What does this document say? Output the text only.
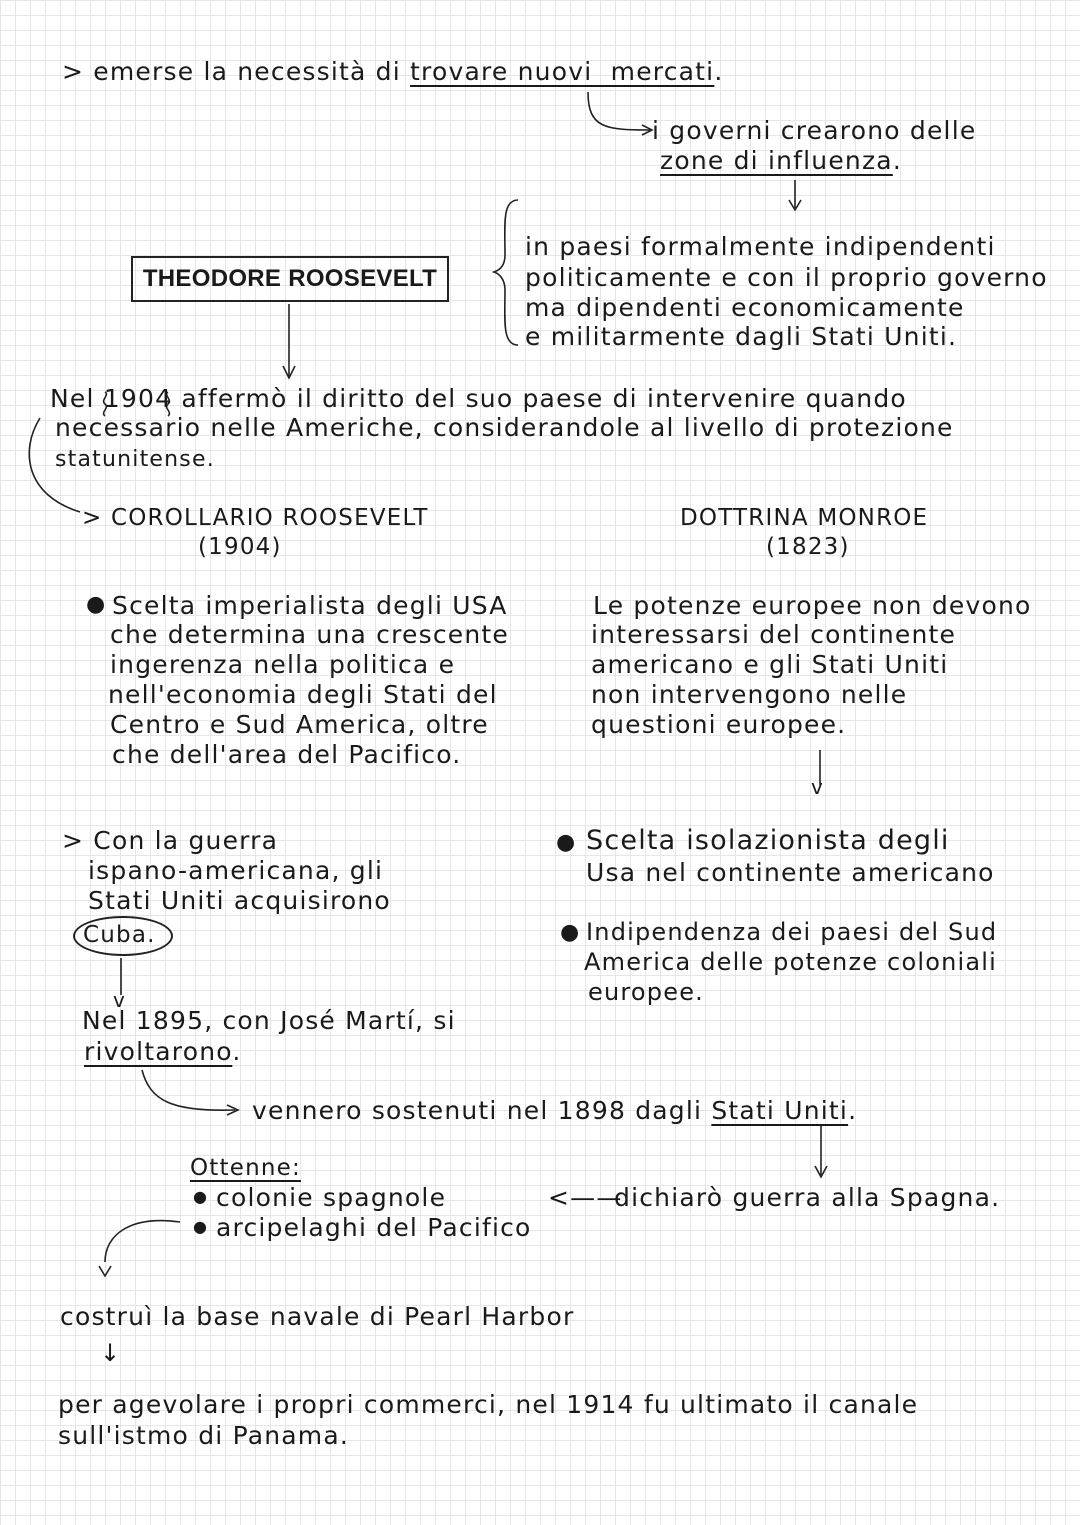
> emerse la necessità di trovare nuovi  mercati.
i governi crearono delle
zone di influenza.
THEODORE ROOSEVELT
in paesi formalmente indipendenti
politicamente e con il proprio governo
ma dipendenti economicamente
e militarmente dagli Stati Uniti.
Nel 1904 affermò il diritto del suo paese di intervenire quando
necessario nelle Americhe, considerandole al livello di protezione
statunitense.
> COROLLARIO ROOSEVELT
(1904)
● Scelta imperialista degli USA
che determina una crescente
ingerenza nella politica e
nell'economia degli Stati del
Centro e Sud America, oltre
che dell'area del Pacifico.
DOTTRINA MONROE
(1823)
Le potenze europee non devono
interessarsi del continente
americano e gli Stati Uniti
non intervengono nelle
questioni europee.
v
● Scelta isolazionista degli
Usa nel continente americano
● Indipendenza dei paesi del Sud
America delle potenze coloniali
europee.
> Con la guerra
ispano-americana, gli
Stati Uniti acquisirono
Cuba.
v
Nel 1895, con José Martí, si
rivoltarono.
vennero sostenuti nel 1898 dagli Stati Uniti.
Ottenne:
● colonie spagnole
● arcipelaghi del Pacifico
<——
dichiarò guerra alla Spagna.
costruì la base navale di Pearl Harbor
↓
per agevolare i propri commerci, nel 1914 fu ultimato il canale
sull'istmo di Panama.
